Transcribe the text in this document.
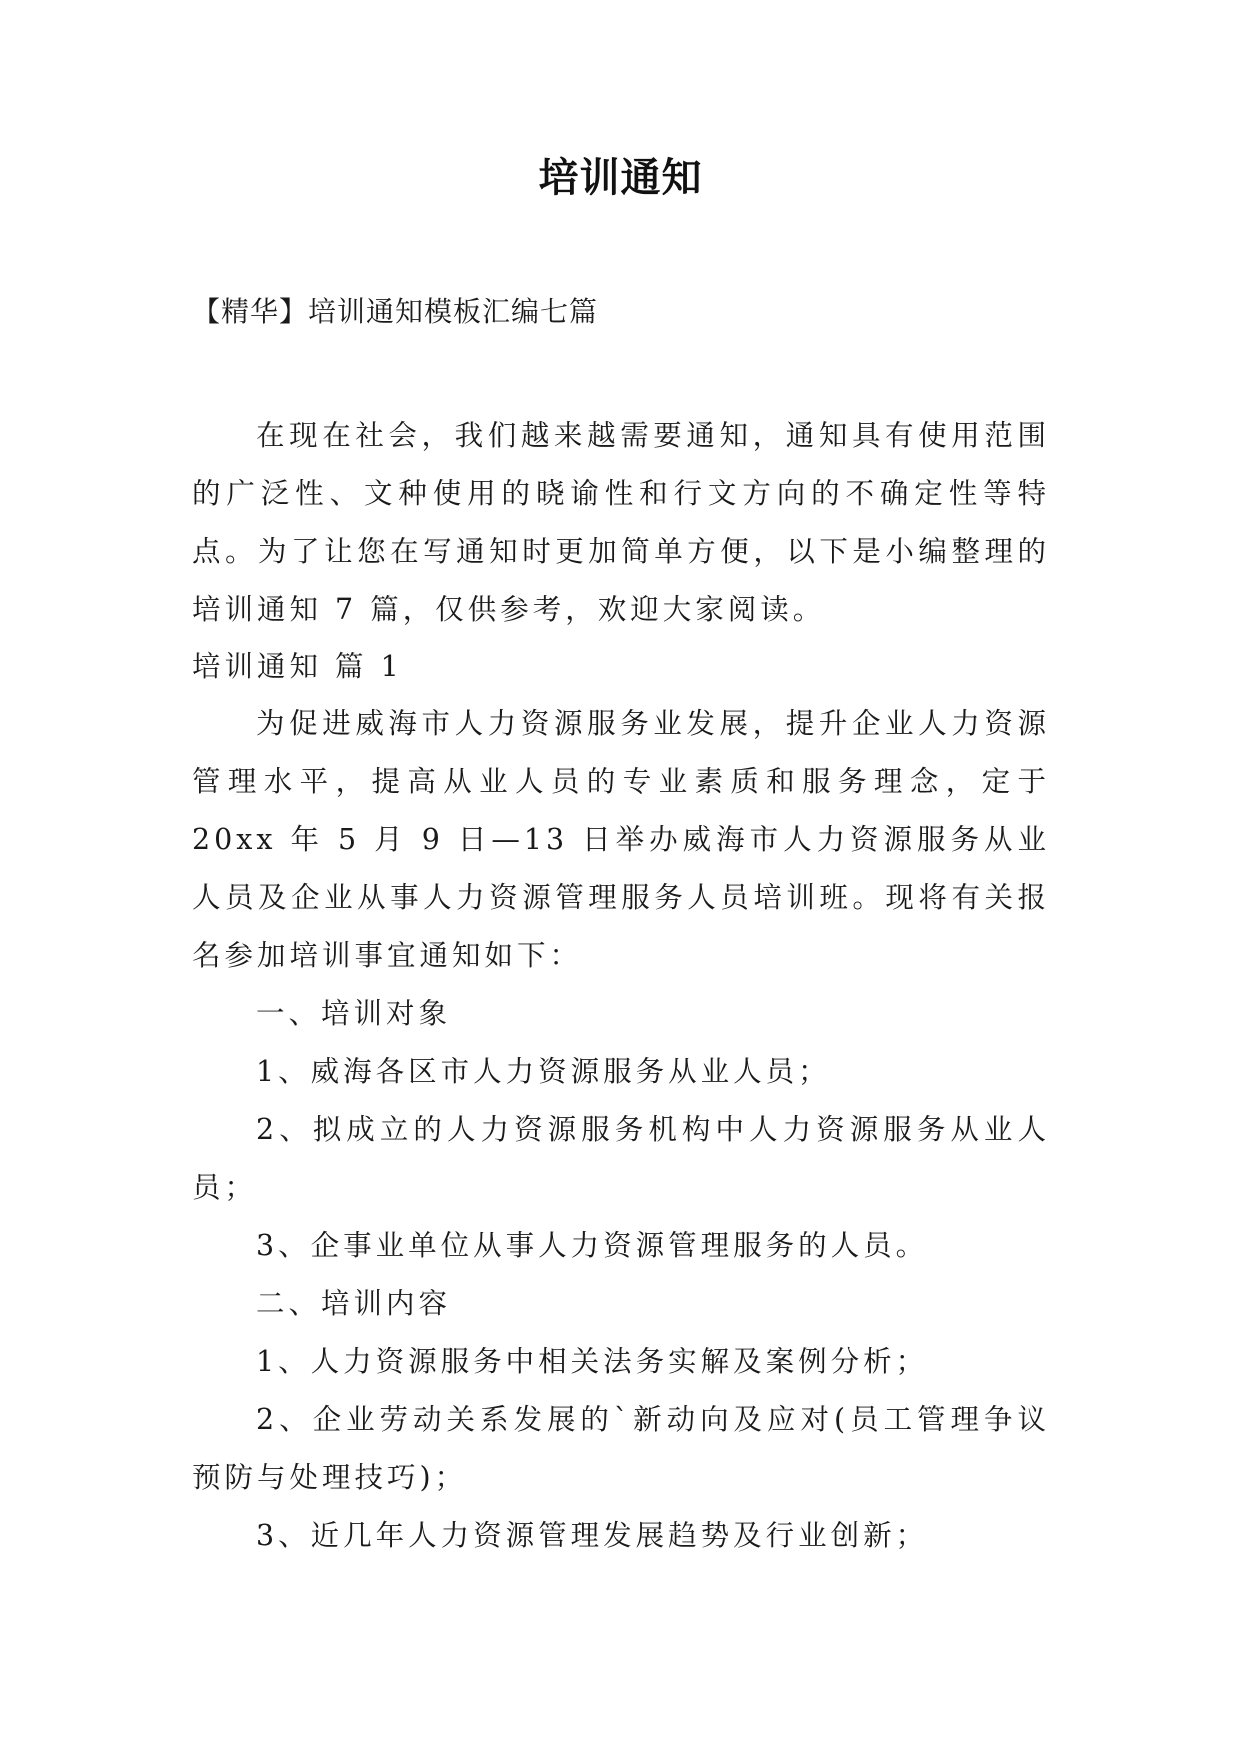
培训通知
【精华】培训通知模板汇编七篇

在现在社会，我们越来越需要通知，通知具有使用范围的广泛性、文种使用的晓谕性和行文方向的不确定性等特点。为了让您在写通知时更加简单方便，以下是小编整理的培训通知 7 篇，仅供参考，欢迎大家阅读。

培训通知 篇 1

为促进威海市人力资源服务业发展，提升企业人力资源管理水平，提高从业人员的专业素质和服务理念，定于 20xx 年 5 月 9 日—13 日举办威海市人力资源服务从业人员及企业从事人力资源管理服务人员培训班。现将有关报名参加培训事宜通知如下：

一、培训对象

1、威海各区市人力资源服务从业人员；

2、拟成立的人力资源服务机构中人力资源服务从业人员；

3、企事业单位从事人力资源管理服务的人员。

二、培训内容

1、人力资源服务中相关法务实解及案例分析；

2、企业劳动关系发展的`新动向及应对(员工管理争议预防与处理技巧)；

3、近几年人力资源管理发展趋势及行业创新；
